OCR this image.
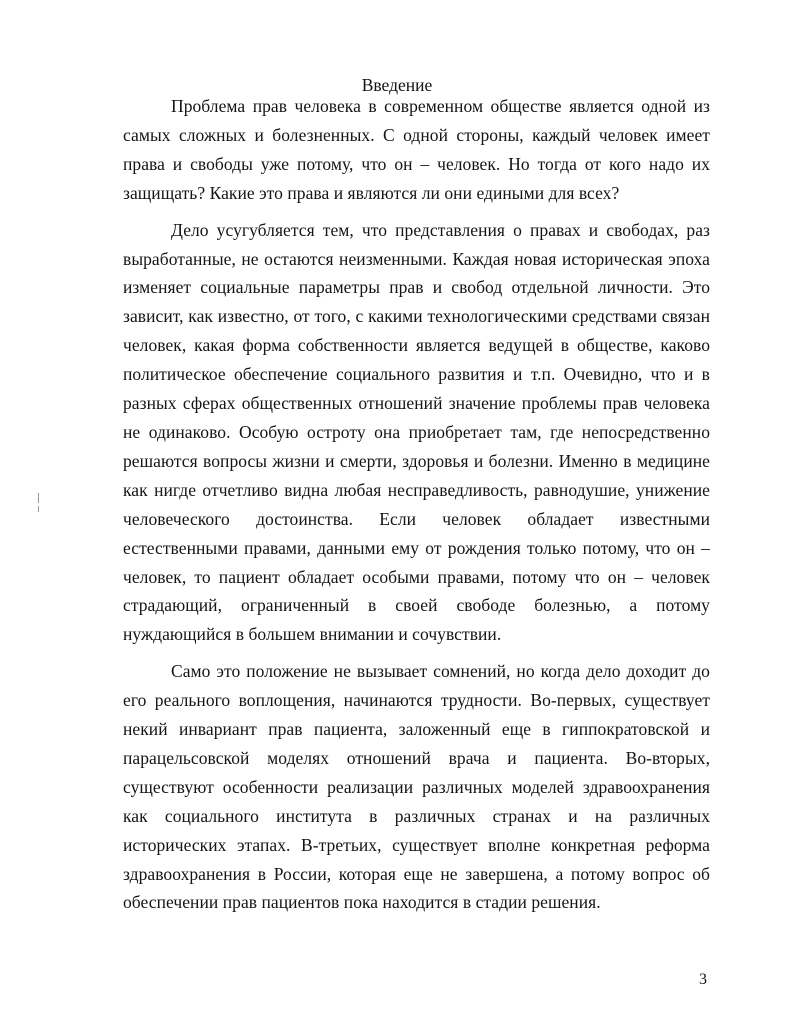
Введение

Проблема прав человека в современном обществе является одной из самых сложных и болезненных. С одной стороны, каждый человек имеет права и свободы уже потому, что он – человек. Но тогда от кого надо их защищать? Какие это права и являются ли они едиными для всех?

Дело усугубляется тем, что представления о правах и свободах, раз выработанные, не остаются неизменными. Каждая новая историческая эпоха изменяет социальные параметры прав и свобод отдельной личности. Это зависит, как известно, от того, с какими технологическими средствами связан человек, какая форма собственности является ведущей в обществе, каково политическое обеспечение социального развития и т.п. Очевидно, что и в разных сферах общественных отношений значение проблемы прав человека не одинаково. Особую остроту она приобретает там, где непосредственно решаются вопросы жизни и смерти, здоровья и болезни. Именно в медицине как нигде отчетливо видна любая несправедливость, равнодушие, унижение человеческого достоинства. Если человек обладает известными естественными правами, данными ему от рождения только потому, что он – человек, то пациент обладает особыми правами, потому что он – человек страдающий, ограниченный в своей свободе болезнью, а потому нуждающийся в большем внимании и сочувствии.

Само это положение не вызывает сомнений, но когда дело доходит до его реального воплощения, начинаются трудности. Во-первых, существует некий инвариант прав пациента, заложенный еще в гиппократовской и парацельсовской моделях отношений врача и пациента. Во-вторых, существуют особенности реализации различных моделей здравоохранения как социального института в различных странах и на различных исторических этапах. В-третьих, существует вполне конкретная реформа здравоохранения в России, которая еще не завершена, а потому вопрос об обеспечении прав пациентов пока находится в стадии решения.

3
